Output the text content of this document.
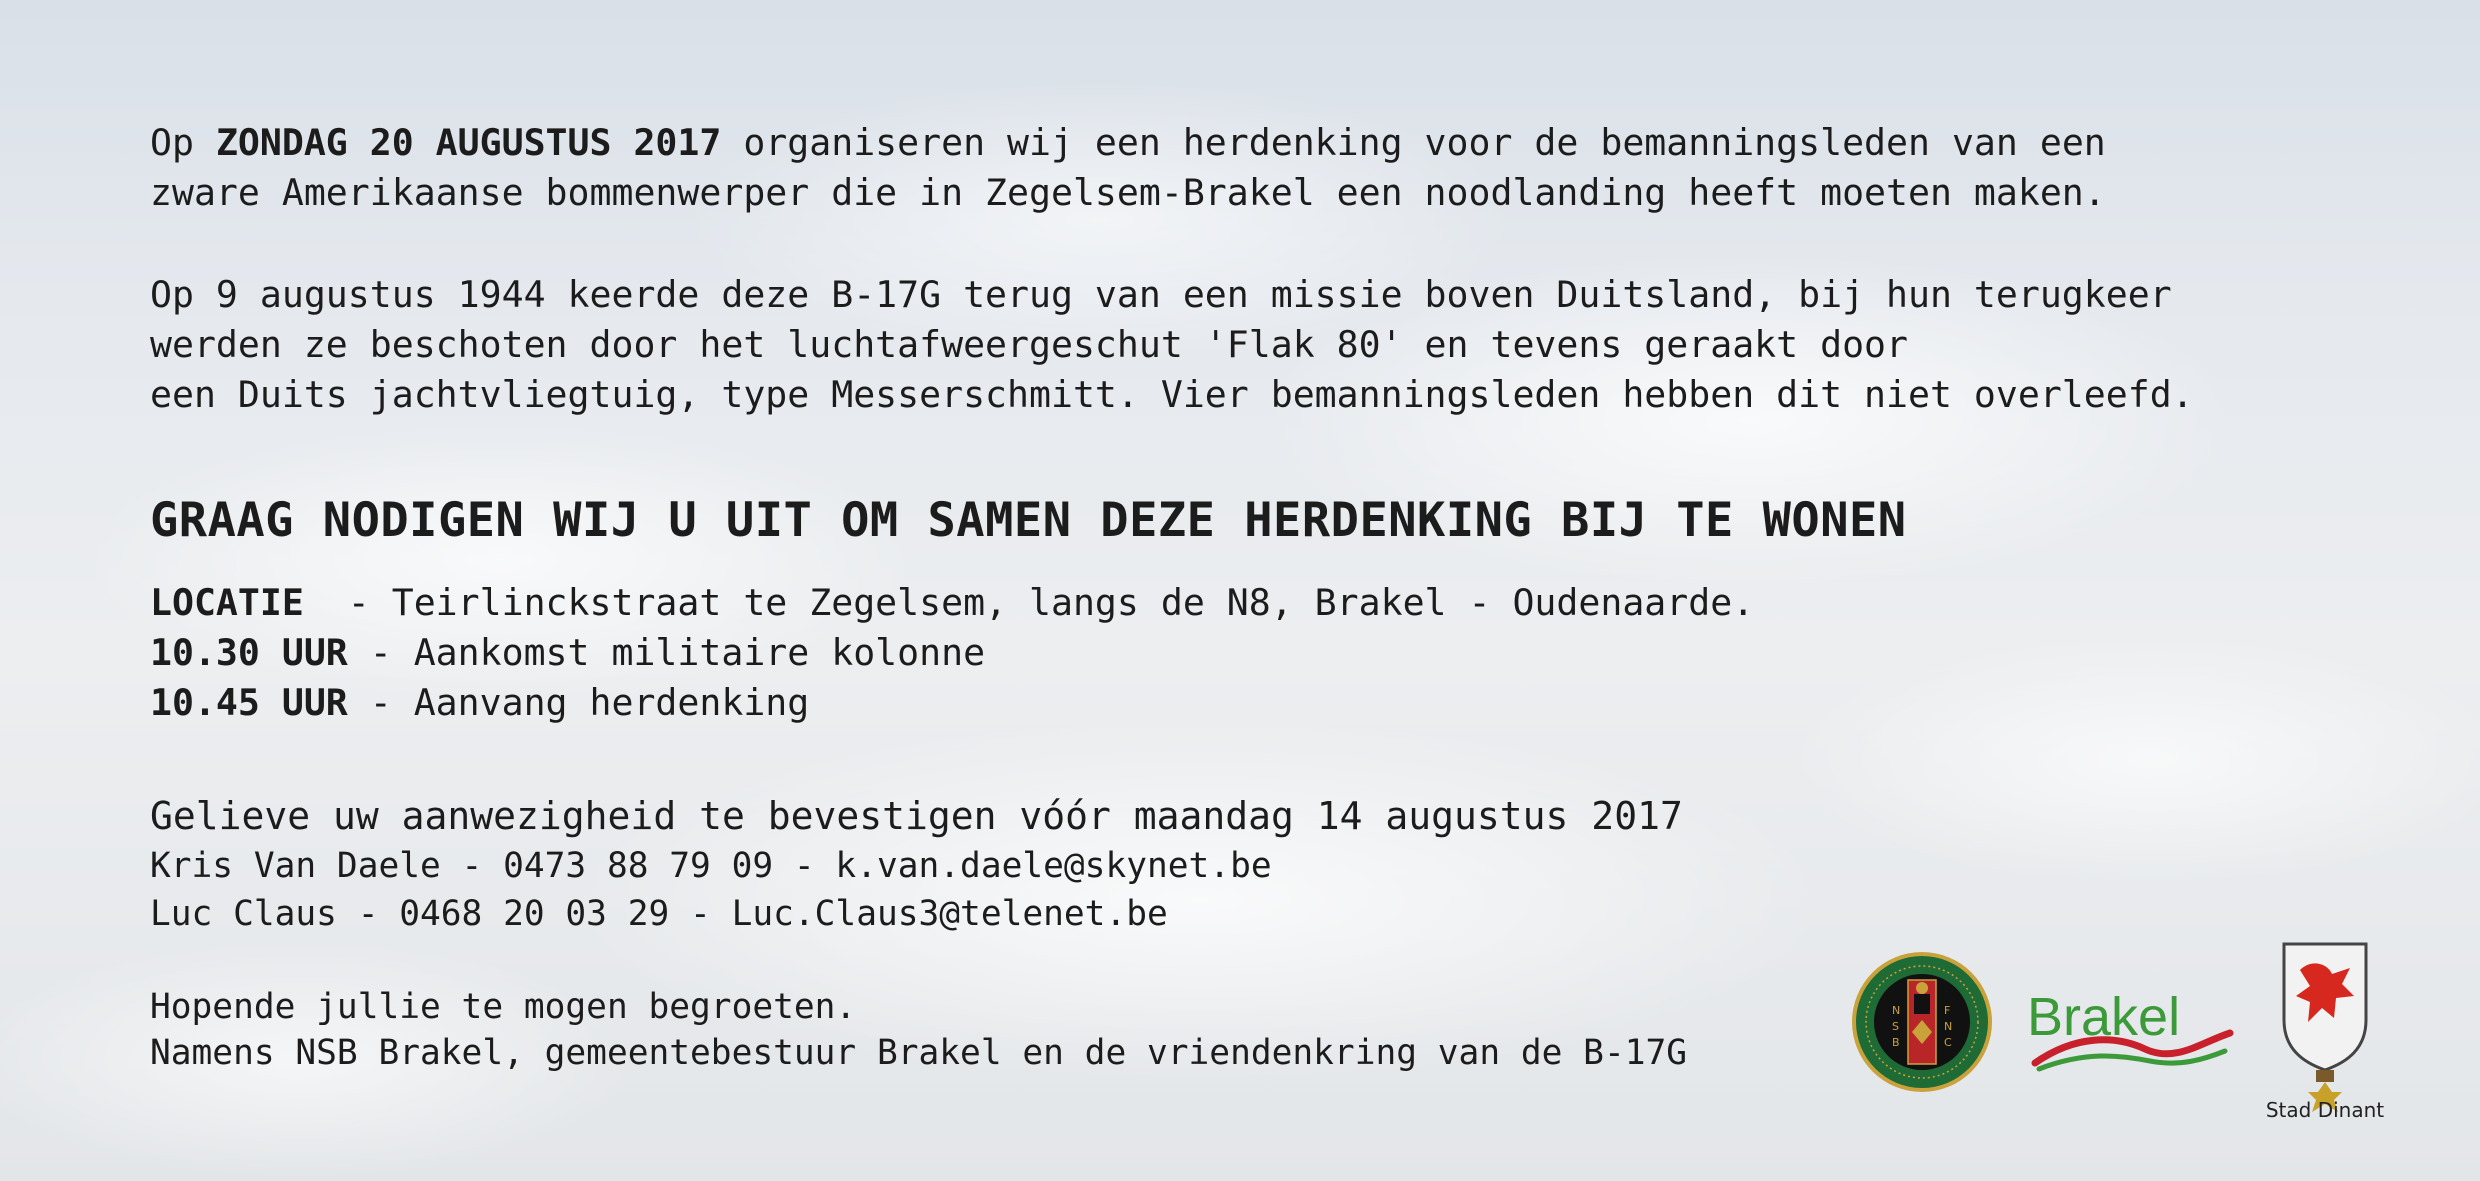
Op ZONDAG 20 AUGUSTUS 2017 organiseren wij een herdenking voor de bemanningsleden van een
zware Amerikaanse bommenwerper die in Zegelsem-Brakel een noodlanding heeft moeten maken.
Op 9 augustus 1944 keerde deze B-17G terug van een missie boven Duitsland, bij hun terugkeer
werden ze beschoten door het luchtafweergeschut 'Flak 80' en tevens geraakt door
een Duits jachtvliegtuig, type Messerschmitt. Vier bemanningsleden hebben dit niet overleefd.
GRAAG NODIGEN WIJ U UIT OM SAMEN DEZE HERDENKING BIJ TE WONEN
LOCATIE  - Teirlinckstraat te Zegelsem, langs de N8, Brakel - Oudenaarde.
10.30 UUR - Aankomst militaire kolonne
10.45 UUR - Aanvang herdenking
Gelieve uw aanwezigheid te bevestigen vóór maandag 14 augustus 2017
Kris Van Daele - 0473 88 79 09 - k.van.daele@skynet.be
Luc Claus - 0468 20 03 29 - Luc.Claus3@telenet.be
Hopende jullie te mogen begroeten.
Namens NSB Brakel, gemeentebestuur Brakel en de vriendenkring van de B-17G
N
S
B
F
N
C Brakel
Stad Dinant
